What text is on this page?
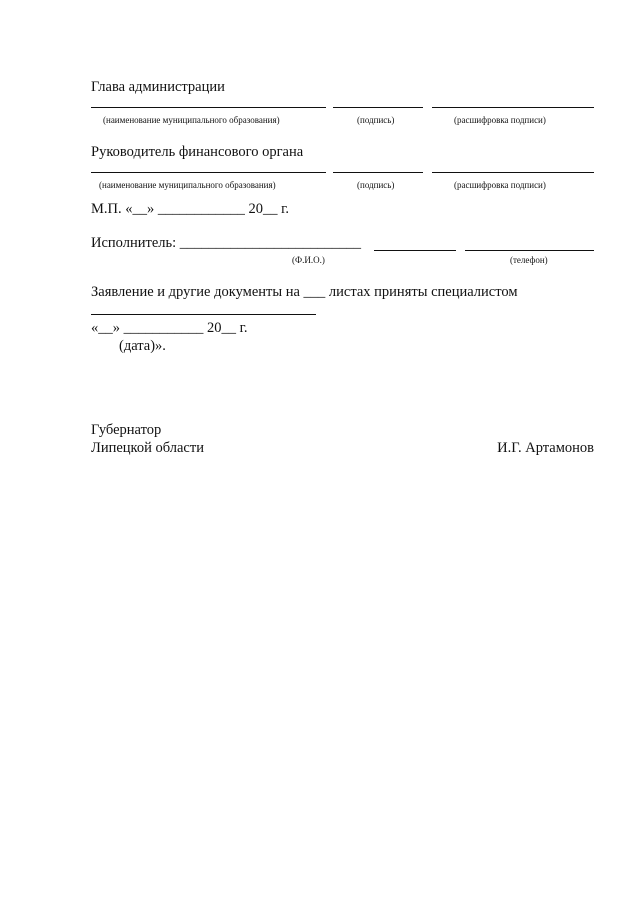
Глава администрации
(наименование муниципального образования)	(подпись)	(расшифровка подписи)
Руководитель финансового органа
(наименование муниципального образования)	(подпись)	(расшифровка подписи)
М.П. «__» ____________ 20__ г.
Исполнитель: _________________________
(Ф.И.О.)	(телефон)
Заявление и другие документы на ___ листах приняты специалистом
«__» ___________ 20__ г.
(дата)».
Губернатор
Липецкой области	И.Г. Артамонов
